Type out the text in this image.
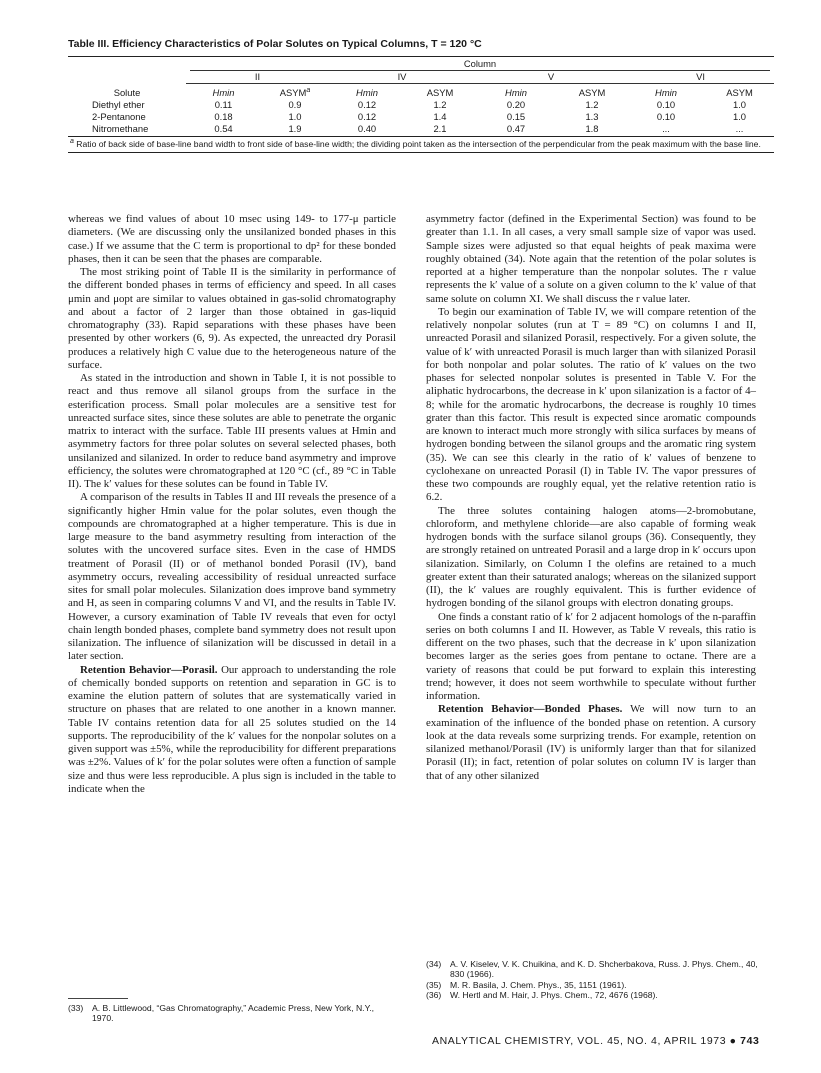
Table III. Efficiency Characteristics of Polar Solutes on Typical Columns, T = 120 °C
	Column							

	II		IV		V		VI	
Solute	Hmin	ASYM$^a$	Hmin	ASYM	Hmin	ASYM	Hmin	ASYM
Diethyl ether	0.11	0.9	0.12	1.2	0.20	1.2	0.10	1.0
2-Pentanone	0.18	1.0	0.12	1.4	0.15	1.3	0.10	1.0
Nitromethane	0.54	1.9	0.40	2.1	0.47	1.8	...	...
$^a$ Ratio of back side of base-line band width to front side of base-line width; the dividing point taken as the intersection of the perpendicular from the peak maximum with the base line.

whereas we find values of about 10 msec using 149- to 177-μ particle diameters. (We are discussing only the unsilanized bonded phases in this case.) If we assume that the C term is proportional to dp² for these bonded phases, then it can be seen that the phases are comparable.

The most striking point of Table II is the similarity in performance of the different bonded phases in terms of efficiency and speed. In all cases μmin and μopt are similar to values obtained in gas-solid chromatography and about a factor of 2 larger than those obtained in gas-liquid chromatography (33). Rapid separations with these phases have been presented by other workers (6, 9). As expected, the unreacted dry Porasil produces a relatively high C value due to the heterogeneous nature of the surface.

As stated in the introduction and shown in Table I, it is not possible to react and thus remove all silanol groups from the surface in the esterification process. Small polar molecules are a sensitive test for unreacted surface sites, since these solutes are able to penetrate the organic matrix to interact with the surface. Table III presents values at Hmin and asymmetry factors for three polar solutes on several selected phases, both unsilanized and silanized. In order to reduce band asymmetry and improve efficiency, the solutes were chromatographed at 120 °C (cf., 89 °C in Table II). The k′ values for these solutes can be found in Table IV.

A comparison of the results in Tables II and III reveals the presence of a significantly higher Hmin value for the polar solutes, even though the compounds are chromatographed at a higher temperature. This is due in large measure to the band asymmetry resulting from interaction of the solutes with the uncovered surface sites. Even in the case of HMDS treatment of Porasil (II) or of methanol bonded Porasil (IV), band asymmetry occurs, revealing accessibility of residual unreacted surface sites for small polar molecules. Silanization does improve band symmetry and H, as seen in comparing columns V and VI, and the results in Table IV. However, a cursory examination of Table IV reveals that even for octyl chain length bonded phases, complete band symmetry does not result upon silanization. The influence of silanization will be discussed in detail in a later section.

Retention Behavior—Porasil. Our approach to understanding the role of chemically bonded supports on retention and separation in GC is to examine the elution pattern of solutes that are systematically varied in structure on phases that are related to one another in a known manner. Table IV contains retention data for all 25 solutes studied on the 14 supports. The reproducibility of the k′ values for the nonpolar solutes on a given support was ±5%, while the reproducibility for different preparations was ±2%. Values of k′ for the polar solutes were often a function of sample size and thus were less reproducible. A plus sign is included in the table to indicate when the

asymmetry factor (defined in the Experimental Section) was found to be greater than 1.1. In all cases, a very small sample size of vapor was used. Sample sizes were adjusted so that equal heights of peak maxima were roughly obtained (34). Note again that the retention of the polar solutes is reported at a higher temperature than the nonpolar solutes. The r value represents the k′ value of a solute on a given column to the k′ value of that same solute on column XI. We shall discuss the r value later.

To begin our examination of Table IV, we will compare retention of the relatively nonpolar solutes (run at T = 89 °C) on columns I and II, unreacted Porasil and silanized Porasil, respectively. For a given solute, the value of k′ with unreacted Porasil is much larger than with silanized Porasil for both nonpolar and polar solutes. The ratio of k′ values on the two phases for selected nonpolar solutes is presented in Table V. For the aliphatic hydrocarbons, the decrease in k′ upon silanization is a factor of 4–8; while for the aromatic hydrocarbons, the decrease is roughly 10 times grater than this factor. This result is expected since aromatic compounds are known to interact much more strongly with silica surfaces by means of hydrogen bonding between the silanol groups and the aromatic ring system (35). We can see this clearly in the ratio of k′ values of benzene to cyclohexane on unreacted Porasil (I) in Table IV. The vapor pressures of these two compounds are roughly equal, yet the relative retention ratio is 6.2.

The three solutes containing halogen atoms—2-bromobutane, chloroform, and methylene chloride—are also capable of forming weak hydrogen bonds with the surface silanol groups (36). Consequently, they are strongly retained on untreated Porasil and a large drop in k′ occurs upon silanization. Similarly, on Column I the olefins are retained to a much greater extent than their saturated analogs; whereas on the silanized support (II), the k′ values are roughly equivalent. This is further evidence of hydrogen bonding of the silanol groups with electron donating groups.

One finds a constant ratio of k′ for 2 adjacent homologs of the n-paraffin series on both columns I and II. However, as Table V reveals, this ratio is different on the two phases, such that the decrease in k′ upon silanization becomes larger as the series goes from pentane to octane. There are a variety of reasons that could be put forward to explain this interesting trend; however, it does not seem worthwhile to speculate without further information.

Retention Behavior—Bonded Phases. We will now turn to an examination of the influence of the bonded phase on retention. A cursory look at the data reveals some surprizing trends. For example, retention on silanized methanol/Porasil (IV) is uniformly larger than that for silanized Porasil (II); in fact, retention of polar solutes on column IV is larger than that of any other silanized

(33)	A. B. Littlewood, “Gas Chromatography,” Academic Press, New York, N.Y., 1970.
(34)	A. V. Kiselev, V. K. Chuikina, and K. D. Shcherbakova, Russ. J. Phys. Chem., 40, 830 (1966).
(35)	M. R. Basila, J. Chem. Phys., 35, 1151 (1961).
(36)	W. Hertl and M. Hair, J. Phys. Chem., 72, 4676 (1968).
ANALYTICAL CHEMISTRY, VOL. 45, NO. 4, APRIL 1973 ● 743
